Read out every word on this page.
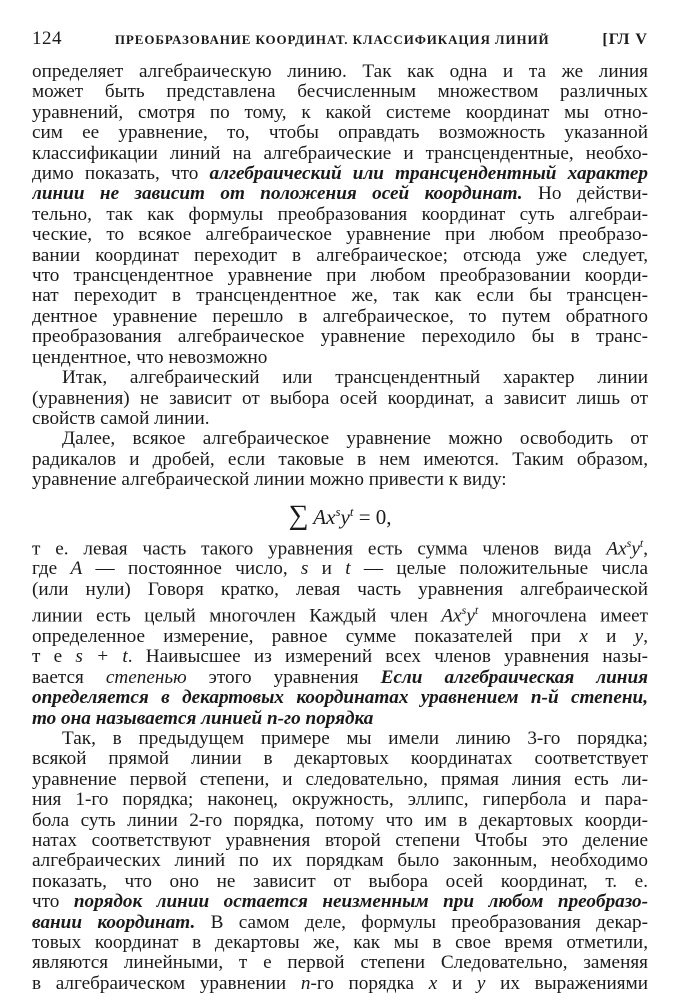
124	ПРЕОБРАЗОВАНИЕ КООРДИНАТ. КЛАССИФИКАЦИЯ ЛИНИЙ	[ГЛ V

определяет алгебраическую линию. Так как одна и та же линия
может быть представлена бесчисленным множеством различных
уравнений, смотря по тому, к какой системе координат мы отно-
сим ее уравнение, то, чтобы оправдать возможность указанной
классификации линий на алгебраические и трансцендентные, необхо-
димо показать, что алгебраический или трансцендентный характер
линии не зависит от положения осей координат. Но действи-
тельно, так как формулы преобразования координат суть алгебраи-
ческие, то всякое алгебраическое уравнение при любом преобразо-
вании координат переходит в алгебраическое; отсюда уже следует,
что трансцендентное уравнение при любом преобразовании коорди-
нат переходит в трансцендентное же, так как если бы трансцен-
дентное уравнение перешло в алгебраическое, то путем обратного
преобразования алгебраическое уравнение переходило бы в транс-
цендентное, что невозможно

Итак, алгебраический или трансцендентный характер линии
(уравнения) не зависит от выбора осей координат, а зависит лишь от
свойств самой линии.

Далее, всякое алгебраическое уравнение можно освободить от
радикалов и дробей, если таковые в нем имеются. Таким образом,
уравнение алгебраической линии можно привести к виду:

∑ $Ax^sy^t = 0$,

т е. левая часть такого уравнения есть сумма членов вида $Ax^sy^t$,
где A — постоянное число, s и t — целые положительные числа
(или нули) Говоря кратко, левая часть уравнения алгебраической
линии есть целый многочлен Каждый член $Ax^sy^t$ многочлена имеет
определенное измерение, равное сумме показателей при x и y,
т е s + t. Наивысшее из измерений всех членов уравнения назы-
вается степенью этого уравнения Если алгебраическая линия
определяется в декартовых координатах уравнением n-й степени,
то она называется линией n-го порядка

Так, в предыдущем примере мы имели линию 3-го порядка;
всякой прямой линии в декартовых координатах соответствует
уравнение первой степени, и следовательно, прямая линия есть ли-
ния 1-го порядка; наконец, окружность, эллипс, гипербола и пара-
бола суть линии 2-го порядка, потому что им в декартовых коорди-
натах соответствуют уравнения второй степени Чтобы это деление
алгебраических линий по их порядкам было законным, необходимо
показать, что оно не зависит от выбора осей координат, т. е.
что порядок линии остается неизменным при любом преобразо-
вании координат. В самом деле, формулы преобразования декар-
товых координат в декартовы же, как мы в свое время отметили,
являются линейными, т е первой степени Следовательно, заменяя
в алгебраическом уравнении n-го порядка x и y их выражениями
